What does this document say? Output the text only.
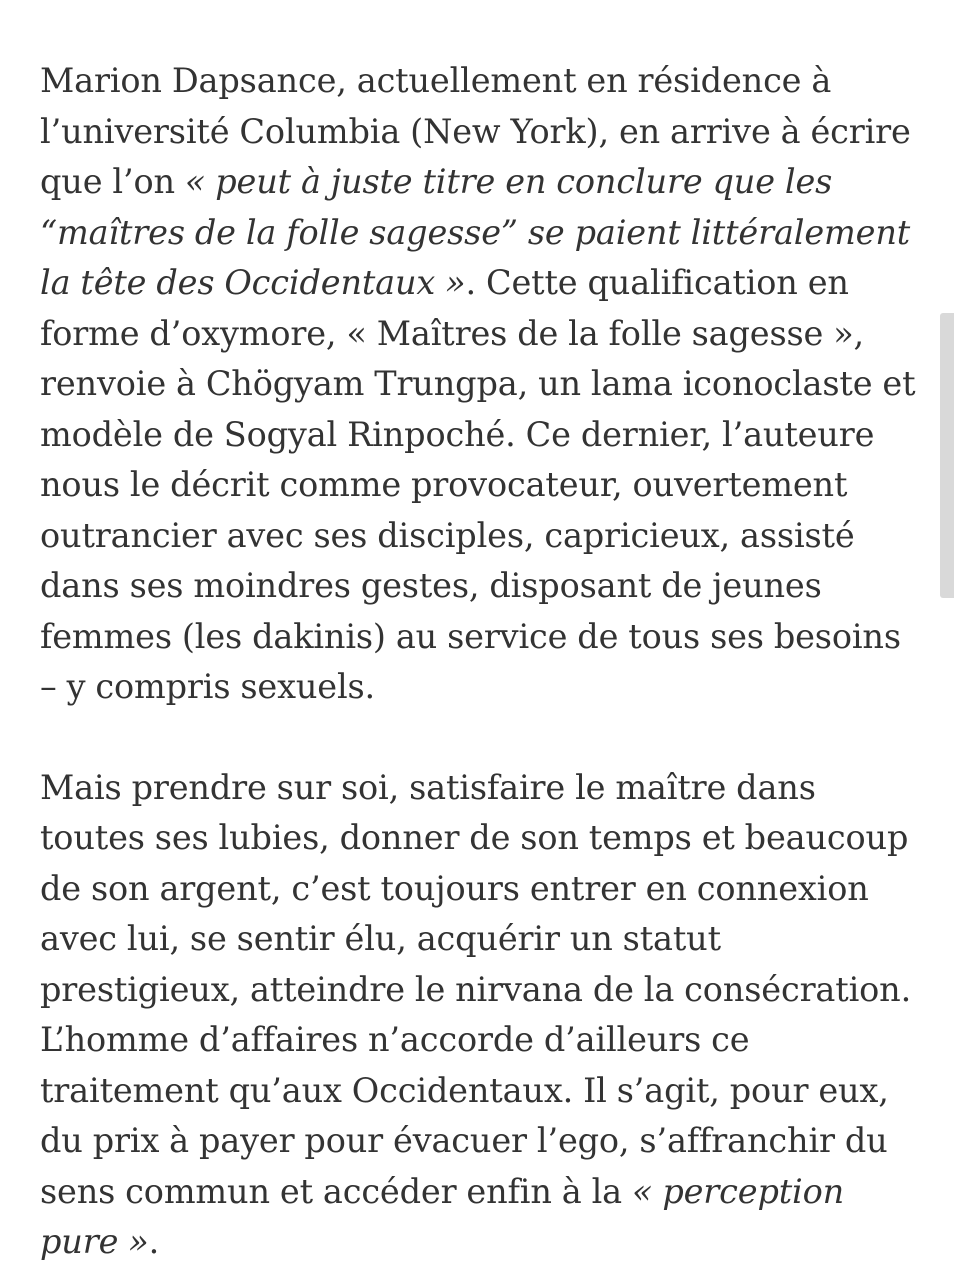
Marion Dapsance, actuellement en résidence à l’université Columbia (New York), en arrive à écrire que l’on « peut à juste titre en conclure que les “maîtres de la folle sagesse” se paient littéralement la tête des Occidentaux ». Cette qualification en forme d’oxymore, « Maîtres de la folle sagesse », renvoie à Chögyam Trungpa, un lama iconoclaste et modèle de Sogyal Rinpoché. Ce dernier, l’auteure nous le décrit comme provocateur, ouvertement outrancier avec ses disciples, capricieux, assisté dans ses moindres gestes, disposant de jeunes femmes (les dakinis) au service de tous ses besoins – y compris sexuels.

Mais prendre sur soi, satisfaire le maître dans toutes ses lubies, donner de son temps et beaucoup de son argent, c’est toujours entrer en connexion avec lui, se sentir élu, acquérir un statut prestigieux, atteindre le nirvana de la consécration. L’homme d’affaires n’accorde d’ailleurs ce traitement qu’aux Occidentaux. Il s’agit, pour eux, du prix à payer pour évacuer l’ego, s’affranchir du sens commun et accéder enfin à la « perception pure ».
